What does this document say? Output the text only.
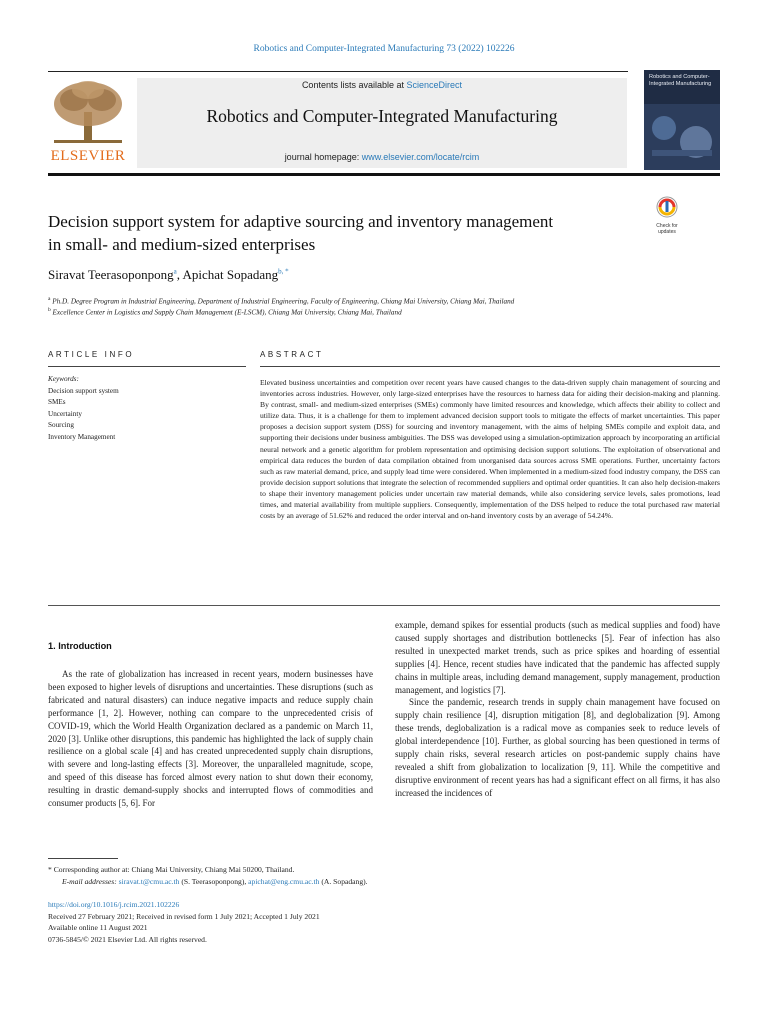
Robotics and Computer-Integrated Manufacturing 73 (2022) 102226
ELSEVIER
Contents lists available at ScienceDirect
Robotics and Computer-Integrated Manufacturing
journal homepage: www.elsevier.com/locate/rcim
Robotics and Computer-Integrated Manufacturing
Decision support system for adaptive sourcing and inventory management
in small- and medium-sized enterprises
Check for updates
Siravat Teerasoponpong$^a$, Apichat Sopadang$^{b, *}$
$^a$ Ph.D. Degree Program in Industrial Engineering, Department of Industrial Engineering, Faculty of Engineering, Chiang Mai University, Chiang Mai, Thailand
$^b$ Excellence Center in Logistics and Supply Chain Management (E-LSCM), Chiang Mai University, Chiang Mai, Thailand
ARTICLE INFO	ABSTRACT
Keywords:
Decision support system
SMEs
Uncertainty
Sourcing
Inventory Management
Elevated business uncertainties and competition over recent years have caused changes to the data-driven supply chain management of sourcing and inventories across industries. However, only large-sized enterprises have the resources to harness data for aiding their decision-making and planning. By contrast, small- and medium-sized enterprises (SMEs) commonly have limited resources and knowledge, which affects their ability to collect and utilize data. Thus, it is a challenge for them to implement advanced decision support tools to mitigate the effects of market uncertainties. This paper proposes a decision support system (DSS) for sourcing and inventory management, with the aims of helping SMEs compile and exploit data, and supporting their decisions under business ambiguities. The DSS was developed using a simulation-optimization approach by incorporating an artificial neural network and a genetic algorithm for problem representation and optimising decision support solutions. The exploitation of observational and empirical data reduces the burden of data compilation obtained from unorganised data sources across SME operations. Further, uncertainty factors such as raw material demand, price, and supply lead time were considered. When implemented in a medium-sized food industry company, the DSS can provide decision support solutions that integrate the selection of recommended suppliers and optimal order quantities. It can also help decision-makers to shape their inventory management policies under uncertain raw material demands, while also considering service levels, sales promotions, lead times, and material availability from multiple suppliers. Consequently, implementation of the DSS helped to reduce the total purchased raw material costs by an average of 51.62% and reduced the order interval and on-hand inventory costs by an average of 54.24%.
1. Introduction

As the rate of globalization has increased in recent years, modern businesses have been exposed to higher levels of disruptions and uncertainties. These disruptions (such as fabricated and natural disasters) can induce negative impacts and reduce supply chain performance [1, 2]. However, nothing can compare to the unprecedented crisis of COVID-19, which the World Health Organization declared as a pandemic on March 11, 2020 [3]. Unlike other disruptions, this pandemic has highlighted the lack of supply chain resilience on a global scale [4] and has created unprecedented supply chain disruptions, with severe and long-lasting effects [3]. Moreover, the unparalleled magnitude, scope, and speed of this disease has forced almost every nation to shut down their economy, resulting in drastic demand-supply shocks and interrupted flows of commodities and consumer products [5, 6]. For

example, demand spikes for essential products (such as medical supplies and food) have caused supply shortages and distribution bottlenecks [5]. Fear of infection has also resulted in unexpected market trends, such as price spikes and hoarding of essential supplies [4]. Hence, recent studies have indicated that the pandemic has affected supply chains in multiple areas, including demand management, supply management, production management, and logistics [7].

Since the pandemic, research trends in supply chain management have focused on supply chain resilience [4], disruption mitigation [8], and deglobalization [9]. Among these trends, deglobalization is a radical move as companies seek to reduce levels of global interdependence [10]. Further, as global sourcing has been questioned in terms of supply chain risks, several research articles on post-pandemic supply chains have revealed a shift from globalization to localization [9, 11]. While the competitive and disruptive environment of recent years has had a significant effect on all firms, it has also increased the incidences of

* Corresponding author at: Chiang Mai University, Chiang Mai 50200, Thailand.
E-mail addresses: siravat.t@cmu.ac.th (S. Teerasoponpong), apichat@eng.cmu.ac.th (A. Sopadang).
https://doi.org/10.1016/j.rcim.2021.102226
Received 27 February 2021; Received in revised form 1 July 2021; Accepted 1 July 2021
Available online 11 August 2021
0736-5845/© 2021 Elsevier Ltd. All rights reserved.
